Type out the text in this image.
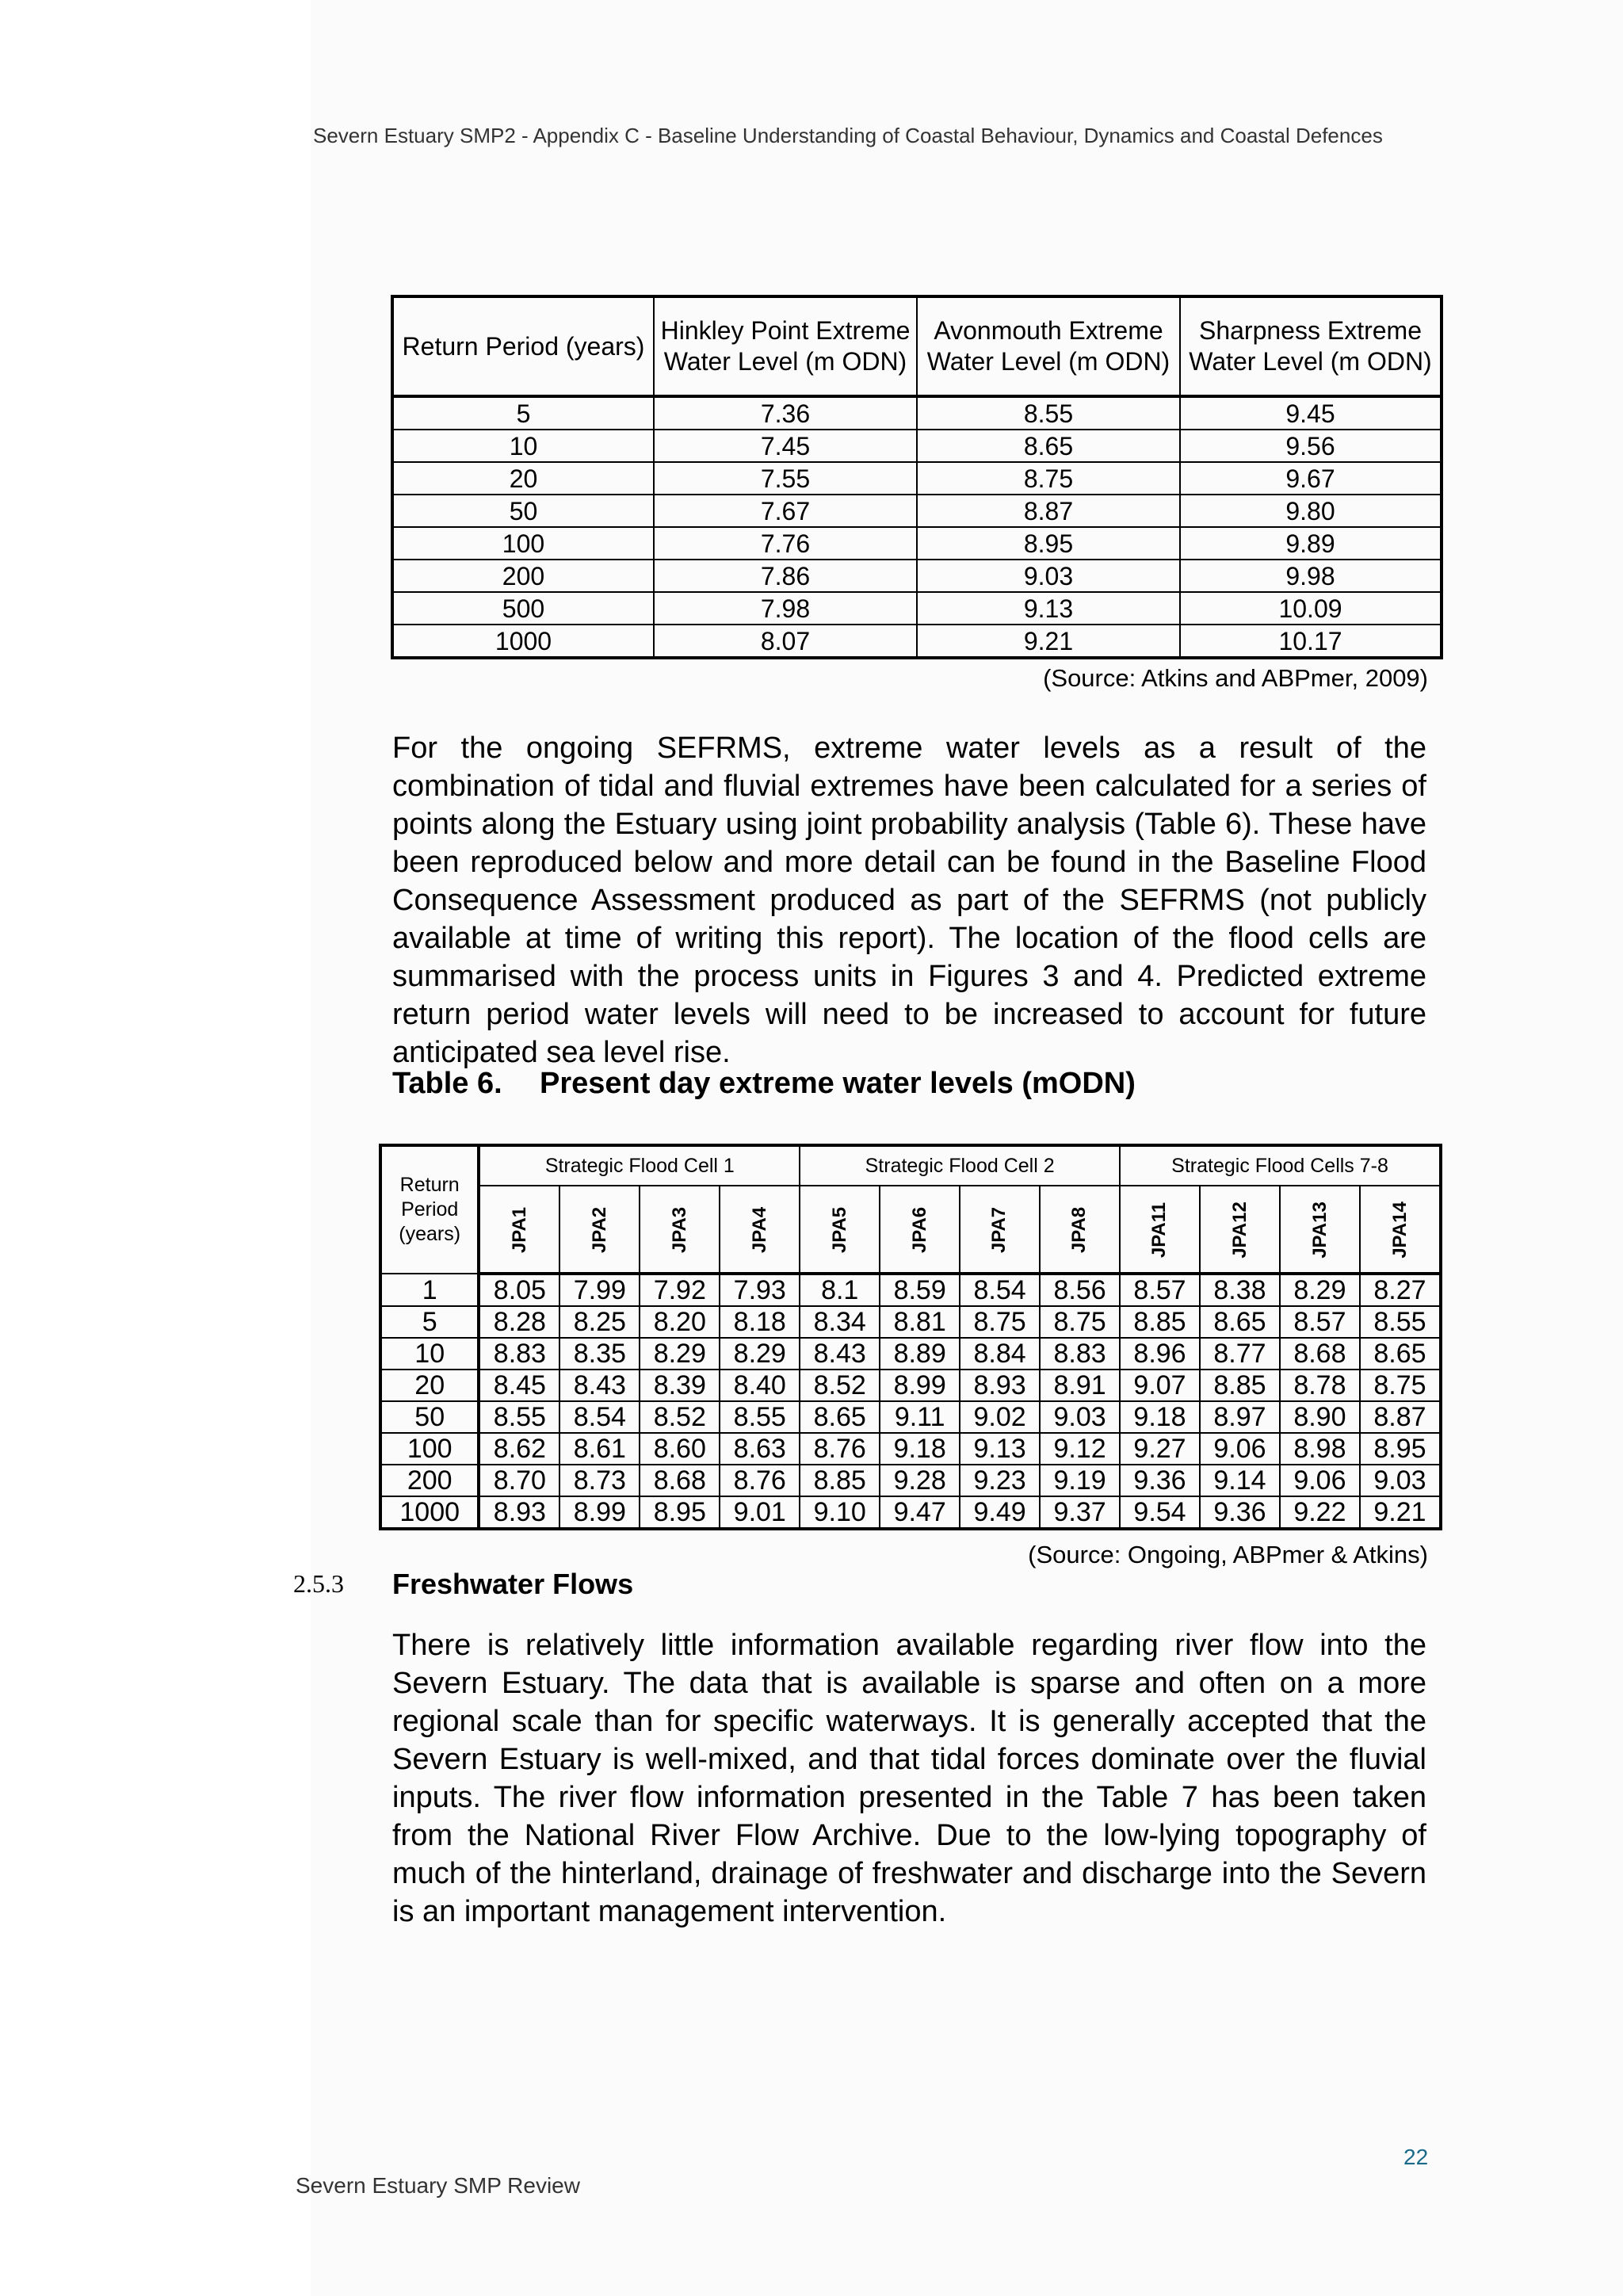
Severn Estuary SMP2 - Appendix C - Baseline Understanding of Coastal Behaviour, Dynamics and Coastal Defences
Return Period (years)	Hinkley Point Extreme Water Level (m ODN)	Avonmouth Extreme Water Level (m ODN)	Sharpness Extreme Water Level (m ODN)
5	7.36	8.55	9.45
10	7.45	8.65	9.56
20	7.55	8.75	9.67
50	7.67	8.87	9.80
100	7.76	8.95	9.89
200	7.86	9.03	9.98
500	7.98	9.13	10.09
1000	8.07	9.21	10.17
(Source: Atkins and ABPmer, 2009)

For the ongoing SEFRMS, extreme water levels as a result of the combination of tidal and fluvial extremes have been calculated for a series of points along the Estuary using joint probability analysis (Table 6). These have been reproduced below and more detail can be found in the Baseline Flood Consequence Assessment produced as part of the SEFRMS (not publicly available at time of writing this report). The location of the flood cells are summarised with the process units in Figures 3 and 4. Predicted extreme return period water levels will need to be increased to account for future anticipated sea level rise.

Table 6. Present day extreme water levels (mODN)
Return Period (years)	Strategic Flood Cell 1				Strategic Flood Cell 2				Strategic Flood Cells 7-8			
	JPA1	JPA2	JPA3	JPA4	JPA5	JPA6	JPA7	JPA8	JPA11	JPA12	JPA13	JPA14
1	8.05	7.99	7.92	7.93	8.1	8.59	8.54	8.56	8.57	8.38	8.29	8.27
5	8.28	8.25	8.20	8.18	8.34	8.81	8.75	8.75	8.85	8.65	8.57	8.55
10	8.83	8.35	8.29	8.29	8.43	8.89	8.84	8.83	8.96	8.77	8.68	8.65
20	8.45	8.43	8.39	8.40	8.52	8.99	8.93	8.91	9.07	8.85	8.78	8.75
50	8.55	8.54	8.52	8.55	8.65	9.11	9.02	9.03	9.18	8.97	8.90	8.87
100	8.62	8.61	8.60	8.63	8.76	9.18	9.13	9.12	9.27	9.06	8.98	8.95
200	8.70	8.73	8.68	8.76	8.85	9.28	9.23	9.19	9.36	9.14	9.06	9.03
1000	8.93	8.99	8.95	9.01	9.10	9.47	9.49	9.37	9.54	9.36	9.22	9.21
(Source: Ongoing, ABPmer & Atkins)
2.5.3 Freshwater Flows

There is relatively little information available regarding river flow into the Severn Estuary. The data that is available is sparse and often on a more regional scale than for specific waterways. It is generally accepted that the Severn Estuary is well-mixed, and that tidal forces dominate over the fluvial inputs. The river flow information presented in the Table 7 has been taken from the National River Flow Archive. Due to the low-lying topography of much of the hinterland, drainage of freshwater and discharge into the Severn is an important management intervention.

22
Severn Estuary SMP Review
